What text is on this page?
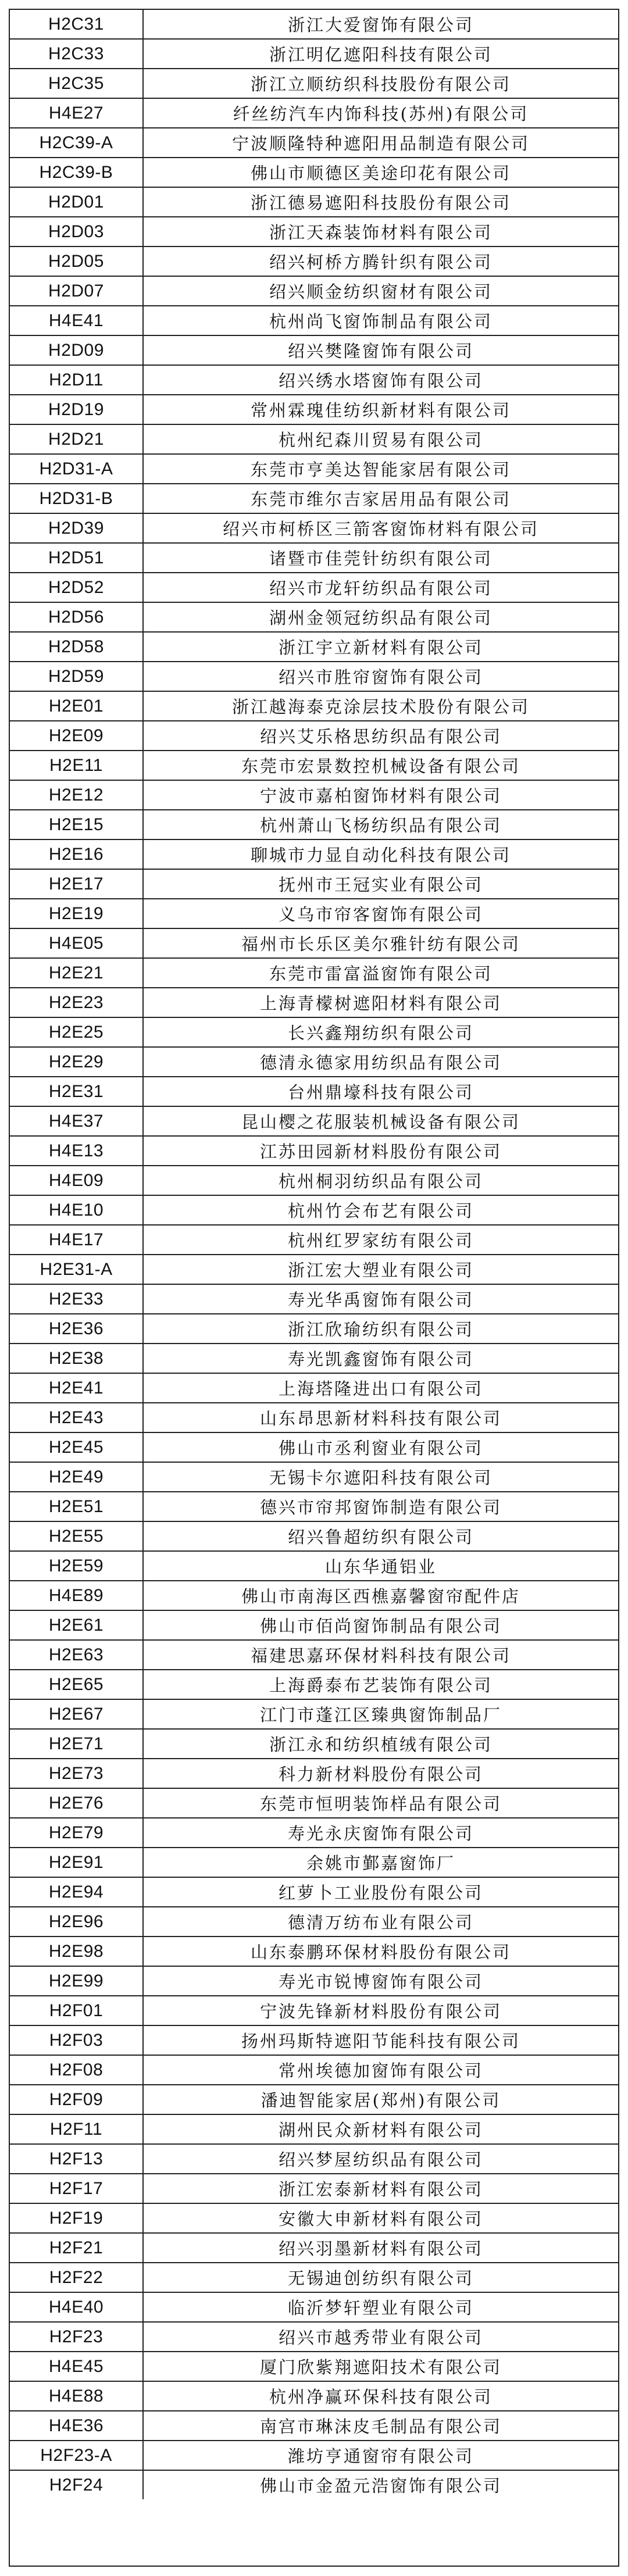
H2C31	浙江大爱窗饰有限公司
H2C33	浙江明亿遮阳科技有限公司
H2C35	浙江立顺纺织科技股份有限公司
H4E27	纤丝纺汽车内饰科技(苏州)有限公司
H2C39-A	宁波顺隆特种遮阳用品制造有限公司
H2C39-B	佛山市顺德区美途印花有限公司
H2D01	浙江德易遮阳科技股份有限公司
H2D03	浙江天森装饰材料有限公司
H2D05	绍兴柯桥方腾针织有限公司
H2D07	绍兴顺金纺织窗材有限公司
H4E41	杭州尚飞窗饰制品有限公司
H2D09	绍兴樊隆窗饰有限公司
H2D11	绍兴绣水塔窗饰有限公司
H2D19	常州霖瑰佳纺织新材料有限公司
H2D21	杭州纪森川贸易有限公司
H2D31-A	东莞市亨美达智能家居有限公司
H2D31-B	东莞市维尔吉家居用品有限公司
H2D39	绍兴市柯桥区三箭客窗饰材料有限公司
H2D51	诸暨市佳莞针纺织有限公司
H2D52	绍兴市龙轩纺织品有限公司
H2D56	湖州金领冠纺织品有限公司
H2D58	浙江宇立新材料有限公司
H2D59	绍兴市胜帘窗饰有限公司
H2E01	浙江越海泰克涂层技术股份有限公司
H2E09	绍兴艾乐格思纺织品有限公司
H2E11	东莞市宏景数控机械设备有限公司
H2E12	宁波市嘉柏窗饰材料有限公司
H2E15	杭州萧山飞杨纺织品有限公司
H2E16	聊城市力显自动化科技有限公司
H2E17	抚州市王冠实业有限公司
H2E19	义乌市帘客窗饰有限公司
H4E05	福州市长乐区美尔雅针纺有限公司
H2E21	东莞市雷富溢窗饰有限公司
H2E23	上海青檬树遮阳材料有限公司
H2E25	长兴鑫翔纺织有限公司
H2E29	德清永德家用纺织品有限公司
H2E31	台州鼎壕科技有限公司
H4E37	昆山樱之花服装机械设备有限公司
H4E13	江苏田园新材料股份有限公司
H4E09	杭州桐羽纺织品有限公司
H4E10	杭州竹会布艺有限公司
H4E17	杭州红罗家纺有限公司
H2E31-A	浙江宏大塑业有限公司
H2E33	寿光华禹窗饰有限公司
H2E36	浙江欣瑜纺织有限公司
H2E38	寿光凯鑫窗饰有限公司
H2E41	上海塔隆进出口有限公司
H2E43	山东昂思新材料科技有限公司
H2E45	佛山市丞利窗业有限公司
H2E49	无锡卡尔遮阳科技有限公司
H2E51	德兴市帘邦窗饰制造有限公司
H2E55	绍兴鲁超纺织有限公司
H2E59	山东华通铝业
H4E89	佛山市南海区西樵嘉馨窗帘配件店
H2E61	佛山市佰尚窗饰制品有限公司
H2E63	福建思嘉环保材料科技有限公司
H2E65	上海爵泰布艺装饰有限公司
H2E67	江门市蓬江区臻典窗饰制品厂
H2E71	浙江永和纺织植绒有限公司
H2E73	科力新材料股份有限公司
H2E76	东莞市恒明装饰样品有限公司
H2E79	寿光永庆窗饰有限公司
H2E91	余姚市鄞嘉窗饰厂
H2E94	红萝卜工业股份有限公司
H2E96	德清万纺布业有限公司
H2E98	山东泰鹏环保材料股份有限公司
H2E99	寿光市锐博窗饰有限公司
H2F01	宁波先锋新材料股份有限公司
H2F03	扬州玛斯特遮阳节能科技有限公司
H2F08	常州埃德加窗饰有限公司
H2F09	潘迪智能家居(郑州)有限公司
H2F11	湖州民众新材料有限公司
H2F13	绍兴梦屋纺织品有限公司
H2F17	浙江宏泰新材料有限公司
H2F19	安徽大申新材料有限公司
H2F21	绍兴羽墨新材料有限公司
H2F22	无锡迪创纺织有限公司
H4E40	临沂梦轩塑业有限公司
H2F23	绍兴市越秀带业有限公司
H4E45	厦门欣紫翔遮阳技术有限公司
H4E88	杭州净赢环保科技有限公司
H4E36	南宫市琳沫皮毛制品有限公司
H2F23-A	潍坊亨通窗帘有限公司
H2F24	佛山市金盈元浩窗饰有限公司
